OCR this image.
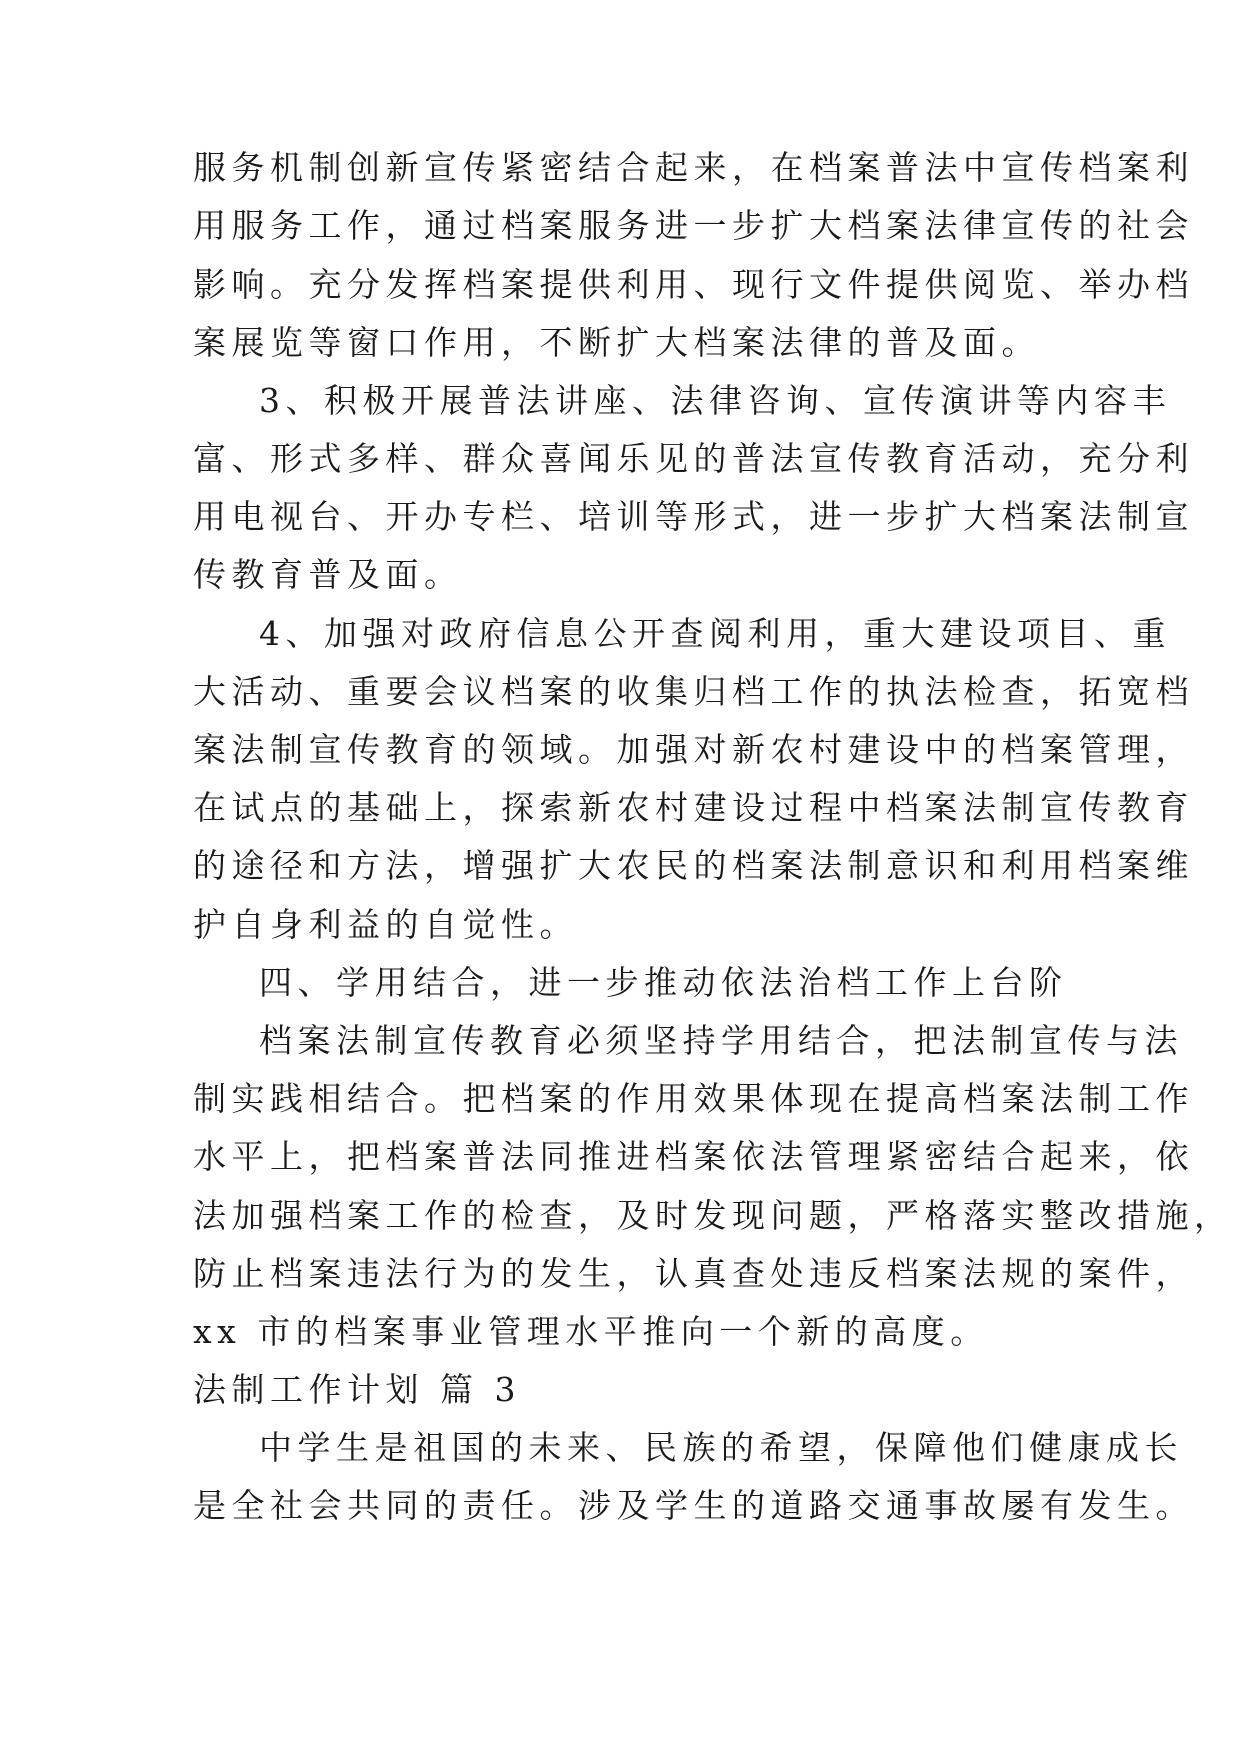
服务机制创新宣传紧密结合起来，在档案普法中宣传档案利
用服务工作，通过档案服务进一步扩大档案法律宣传的社会
影响。充分发挥档案提供利用、现行文件提供阅览、举办档
案展览等窗口作用，不断扩大档案法律的普及面。
3、积极开展普法讲座、法律咨询、宣传演讲等内容丰
富、形式多样、群众喜闻乐见的普法宣传教育活动，充分利
用电视台、开办专栏、培训等形式，进一步扩大档案法制宣
传教育普及面。
4、加强对政府信息公开查阅利用，重大建设项目、重
大活动、重要会议档案的收集归档工作的执法检查，拓宽档
案法制宣传教育的领域。加强对新农村建设中的档案管理，
在试点的基础上，探索新农村建设过程中档案法制宣传教育
的途径和方法，增强扩大农民的档案法制意识和利用档案维
护自身利益的自觉性。
四、学用结合，进一步推动依法治档工作上台阶
档案法制宣传教育必须坚持学用结合，把法制宣传与法
制实践相结合。把档案的作用效果体现在提高档案法制工作
水平上，把档案普法同推进档案依法管理紧密结合起来，依
法加强档案工作的检查，及时发现问题，严格落实整改措施，
防止档案违法行为的发生，认真查处违反档案法规的案件，
xx 市的档案事业管理水平推向一个新的高度。
法制工作计划 篇 3
中学生是祖国的未来、民族的希望，保障他们健康成长
是全社会共同的责任。涉及学生的道路交通事故屡有发生。
